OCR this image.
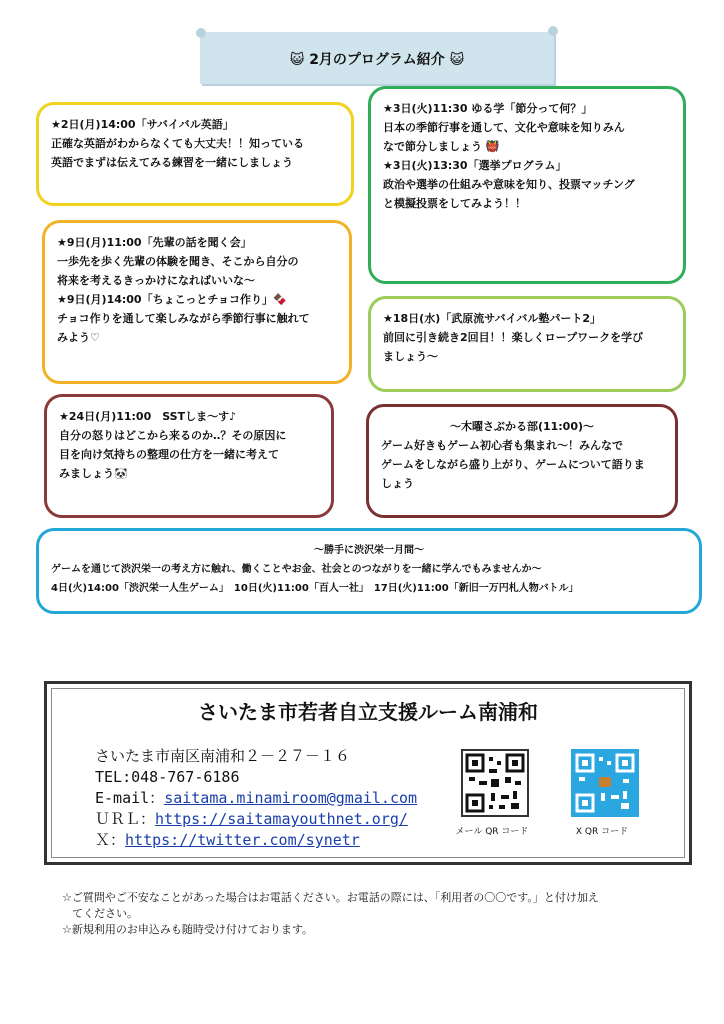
😺 2月のプログラム紹介 😺

★2日(月)14:00「サバイバル英語」

正確な英語がわからなくても大丈夫！！知っている

英語でまずは伝えてみる練習を一緒にしましょう

★3日(火)11:30 ゆる学「節分って何？」

日本の季節行事を通して、文化や意味を知りみん

なで節分しましょう 👹

★3日(火)13:30「選挙プログラム」

政治や選挙の仕組みや意味を知り、投票マッチング

と模擬投票をしてみよう！！

★9日(月)11:00「先輩の話を聞く会」

一歩先を歩く先輩の体験を聞き、そこから自分の

将来を考えるきっかけになればいいな～

★9日(月)14:00「ちょこっとチョコ作り」🍫

チョコ作りを通して楽しみながら季節行事に触れて

みよう♡

★18日(水)「武原流サバイバル塾パート2」

前回に引き続き2回目！！楽しくロープワークを学び

ましょう～

★24日(月)11:00　SSTしま～す♪

自分の怒りはどこから来るのか‥？その原因に

目を向け気持ちの整理の仕方を一緒に考えて

みましょう🐼

～木曜さぶかる部(11:00)～

ゲーム好きもゲーム初心者も集まれ～！みんなで

ゲームをしながら盛り上がり、ゲームについて語りま

しょう

～勝手に渋沢栄一月間～

ゲームを通じて渋沢栄一の考え方に触れ、働くことやお金、社会とのつながりを一緒に学んでもみませんか～

4日(火)14:00「渋沢栄一人生ゲーム」　10日(火)11:00「百人一社」　17日(火)11:00「新旧一万円札人物バトル」

さいたま市若者自立支援ルーム南浦和
さいたま市南区南浦和２－２７－１６
TEL:048-767-6186
E-mail：saitama.minamiroom@gmail.com
ＵＲＬ：https://saitamayouthnet.org/
Ｘ：https://twitter.com/synetr	メール QR コード	X QR コード

☆ご質問やご不安なことがあった場合はお電話ください。お電話の際には、「利用者の〇〇です。」と付け加え

てください。

☆新規利用のお申込みも随時受け付けております。
